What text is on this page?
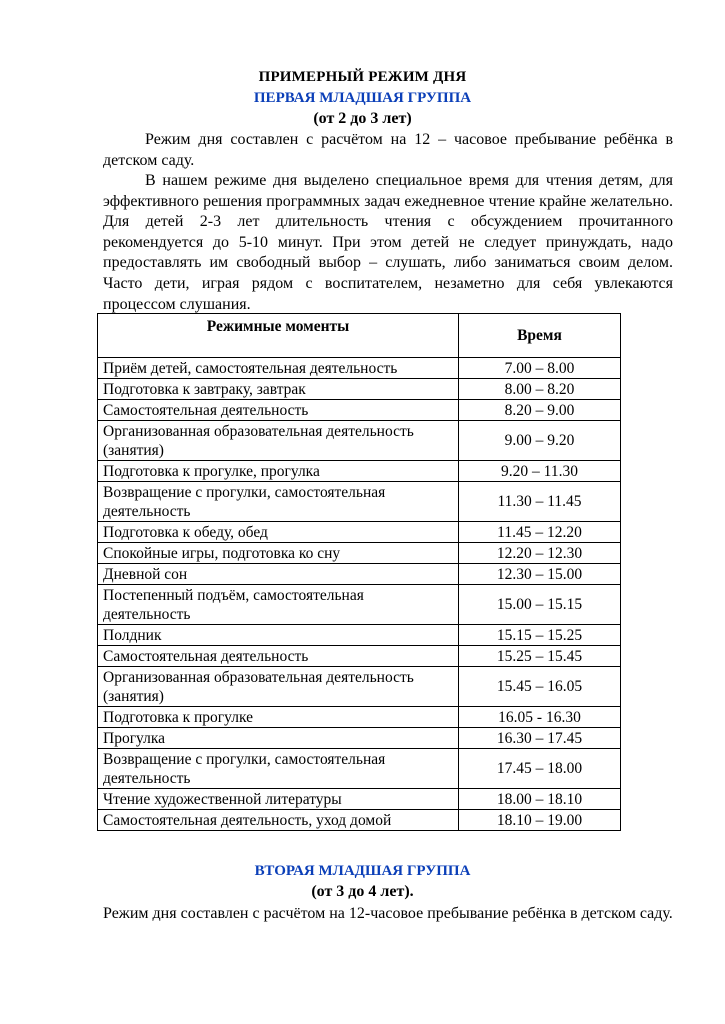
ПРИМЕРНЫЙ РЕЖИМ ДНЯ
ПЕРВАЯ МЛАДШАЯ ГРУППА
(от 2 до 3 лет)
Режим дня составлен с расчётом на 12 – часовое пребывание ребёнка в детском саду.
В нашем режиме дня выделено специальное время для чтения детям, для эффективного решения программных задач ежедневное чтение крайне желательно. Для детей 2-3 лет длительность чтения с обсуждением прочитанного рекомендуется до 5-10 минут. При этом детей не следует принуждать, надо предоставлять им свободный выбор – слушать, либо заниматься своим делом. Часто дети, играя рядом с воспитателем, незаметно для себя увлекаются процессом слушания.
Режимные моменты	Время
Приём детей, самостоятельная деятельность	7.00 – 8.00
Подготовка к завтраку, завтрак	8.00 – 8.20
Самостоятельная деятельность	8.20 – 9.00
Организованная образовательная деятельность (занятия)	9.00 – 9.20
Подготовка к прогулке, прогулка	9.20 – 11.30
Возвращение с прогулки, самостоятельная деятельность	11.30 – 11.45
Подготовка к обеду, обед	11.45 – 12.20
Спокойные игры, подготовка ко сну	12.20 – 12.30
Дневной сон	12.30 – 15.00
Постепенный подъём, самостоятельная деятельность	15.00 – 15.15
Полдник	15.15 – 15.25
Самостоятельная деятельность	15.25 – 15.45
Организованная образовательная деятельность (занятия)	15.45 – 16.05
Подготовка к прогулке	16.05 - 16.30
Прогулка	16.30 – 17.45
Возвращение с прогулки, самостоятельная деятельность	17.45 – 18.00
Чтение художественной литературы	18.00 – 18.10
Самостоятельная деятельность, уход домой	18.10 – 19.00
ВТОРАЯ МЛАДШАЯ ГРУППА
(от 3 до 4 лет).
Режим дня составлен с расчётом на 12-часовое пребывание ребёнка в детском саду.
